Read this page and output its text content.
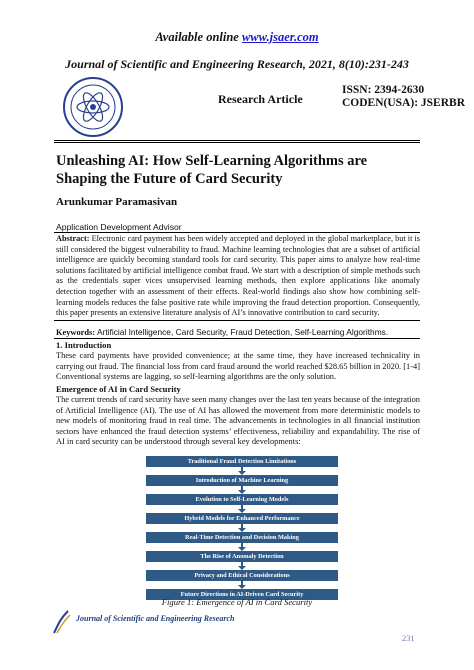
Available online www.jsaer.com
Journal of Scientific and Engineering Research, 2021, 8(10):231-243
Research Article
ISSN: 2394-2630
CODEN(USA): JSERBR
Unleashing AI: How Self-Learning Algorithms are Shaping the Future of Card Security
Arunkumar Paramasivan
Application Development Advisor
Abstract: Electronic card payment has been widely accepted and deployed in the global marketplace, but it is still considered the biggest vulnerability to fraud. Machine learning technologies that are a subset of artificial intelligence are quickly becoming standard tools for card security. This paper aims to analyze how real-time solutions facilitated by artificial intelligence combat fraud. We start with a description of simple methods such as the credentials super vices unsupervised learning methods, then explore applications like anomaly detection together with an assessment of their effects. Real-world findings also show how combining self-learning models reduces the false positive rate while improving the fraud detection proportion. Consequently, this paper presents an extensive literature analysis of AI’s innovative contribution to card security.
Keywords: Artificial Intelligence, Card Security, Fraud Detection, Self-Learning Algorithms.
1. Introduction
These card payments have provided convenience; at the same time, they have increased technicality in carrying out fraud. The financial loss from card fraud around the world reached $28.65 billion in 2020. [1-4] Conventional systems are lagging, so self-learning algorithms are the only solution.
Emergence of AI in Card Security
The current trends of card security have seen many changes over the last ten years because of the integration of Artificial Intelligence (AI). The use of AI has allowed the movement from more deterministic models to new models of monitoring fraud in real time. The advancements in technologies in all financial institution sectors have enhanced the fraud detection systems’ effectiveness, reliability and expandability. The rise of AI in card security can be understood through several key developments:
Traditional Fraud Detection Limitations
Introduction of Machine Learning
Evolution to Self-Learning Models
Hybrid Models for Enhanced Performance
Real-Time Detection and Decision Making
The Rise of Anomaly Detection
Privacy and Ethical Considerations
Future Directions in AI-Driven Card Security
Figure 1: Emergence of AI in Card Security
Journal of Scientific and Engineering Research
231
